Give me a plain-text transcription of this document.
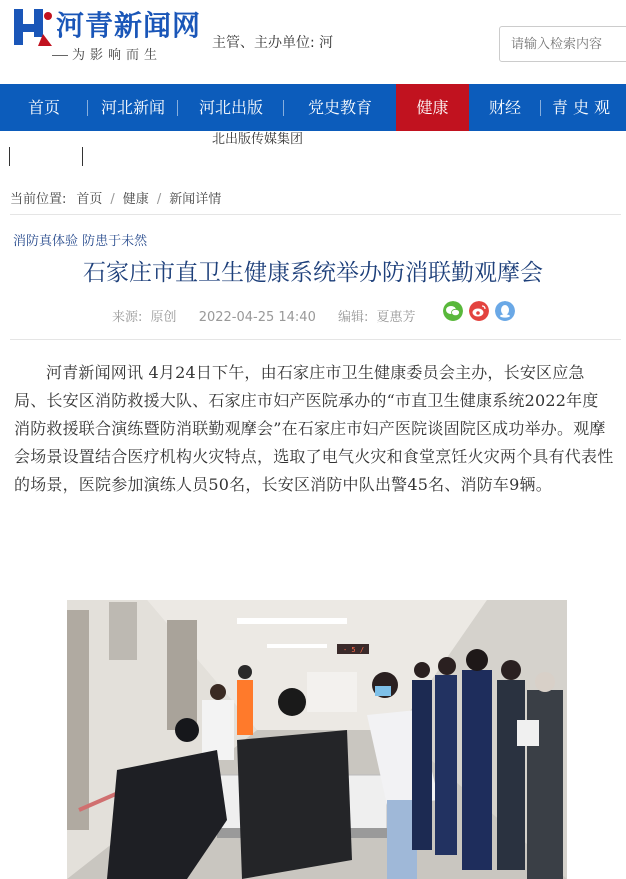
河青新闻网
为影响而生
主管、主办单位: 河
请输入检索内容
首页	河北新闻	河北出版	党史教育	健康	财经	青史观
北出版传媒集团
当前位置: 首页 / 健康 / 新闻详情
消防真体验 防患于未然
石家庄市直卫生健康系统举办防消联勤观摩会
来源: 原创 2022-04-25 14:40 编辑: 夏惠芳
河青新闻网讯 4月24日下午，由石家庄市卫生健康委员会主办，长安区应急局、长安区消防救援大队、石家庄市妇产医院承办的“市直卫生健康系统2022年度消防救援联合演练暨防消联勤观摩会”在石家庄市妇产医院谈固院区成功举办。观摩会场景设置结合医疗机构火灾特点，选取了电气火灾和食堂烹饪火灾两个具有代表性的场景，医院参加演练人员50名，长安区消防中队出警45名、消防车9辆。
- 5 /
